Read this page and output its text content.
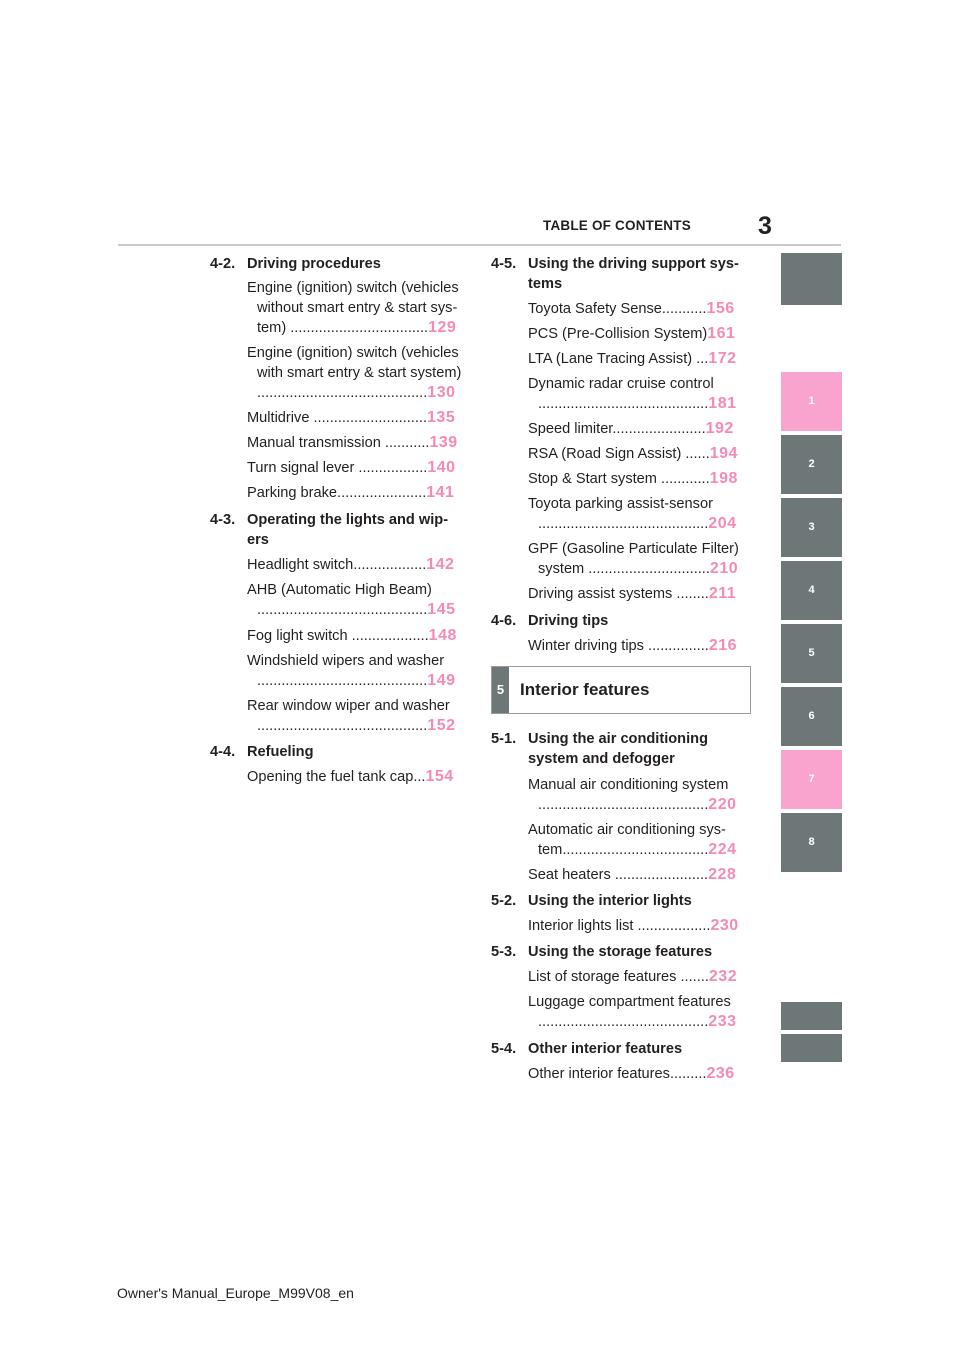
TABLE OF CONTENTS	3
4-2. Driving procedures
Engine (ignition) switch (vehicles
without smart entry & start sys-
tem) ..................................129
Engine (ignition) switch (vehicles
with smart entry & start system)
..........................................130
Multidrive ............................135
Manual transmission ...........139
Turn signal lever .................140
Parking brake......................141
4-3. Operating the lights and wip-
ers
Headlight switch..................142
AHB (Automatic High Beam)
..........................................145
Fog light switch ...................148
Windshield wipers and washer
..........................................149
Rear window wiper and washer
..........................................152
4-4. Refueling
Opening the fuel tank cap...154
4-5. Using the driving support sys-
tems
Toyota Safety Sense...........156
PCS (Pre-Collision System)161
LTA (Lane Tracing Assist) ...172
Dynamic radar cruise control
..........................................181
Speed limiter.......................192
RSA (Road Sign Assist) ......194
Stop & Start system ............198
Toyota parking assist-sensor
..........................................204
GPF (Gasoline Particulate Filter)
system ..............................210
Driving assist systems ........211
4-6. Driving tips
Winter driving tips ...............216
5-1. Using the air conditioning
system and defogger
Manual air conditioning system
..........................................220
Automatic air conditioning sys-
tem....................................224
Seat heaters .......................228
5-2. Using the interior lights
Interior lights list ..................230
5-3. Using the storage features
List of storage features .......232
Luggage compartment features
..........................................233
5-4. Other interior features
Other interior features.........236
5 Interior features
1
2
3
4
5
6
7
8
Owner's Manual_Europe_M99V08_en
